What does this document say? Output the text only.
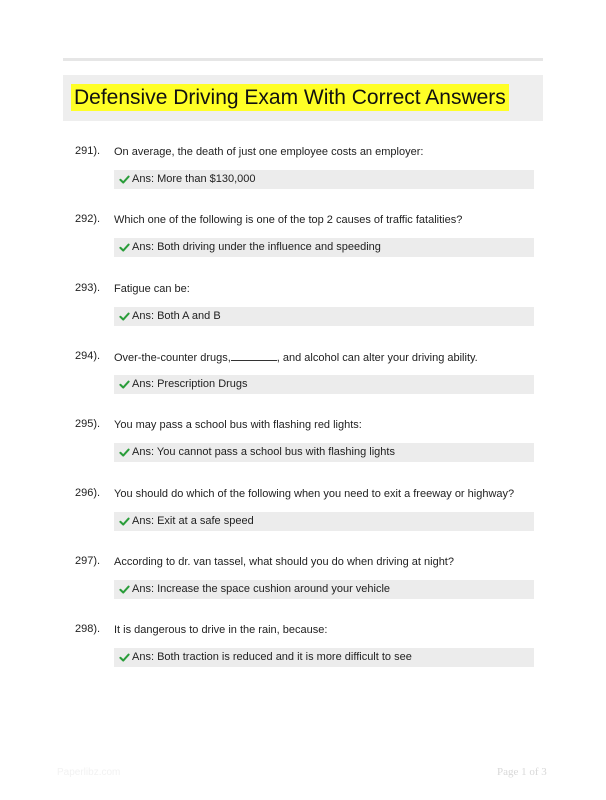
Defensive Driving Exam With Correct Answers
291). On average, the death of just one employee costs an employer:
Ans: More than $130,000
292). Which one of the following is one of the top 2 causes of traffic fatalities?
Ans: Both driving under the influence and speeding
293). Fatigue can be:
Ans: Both A and B
294). Over-the-counter drugs,	, and alcohol can alter your driving ability.
Ans: Prescription Drugs
295). You may pass a school bus with flashing red lights:
Ans: You cannot pass a school bus with flashing lights
296). You should do which of the following when you need to exit a freeway or highway?
Ans: Exit at a safe speed
297). According to dr. van tassel, what should you do when driving at night?
Ans: Increase the space cushion around your vehicle
298). It is dangerous to drive in the rain, because:
Ans: Both traction is reduced and it is more difficult to see
Paperlibz.com	Page 1 of 3
